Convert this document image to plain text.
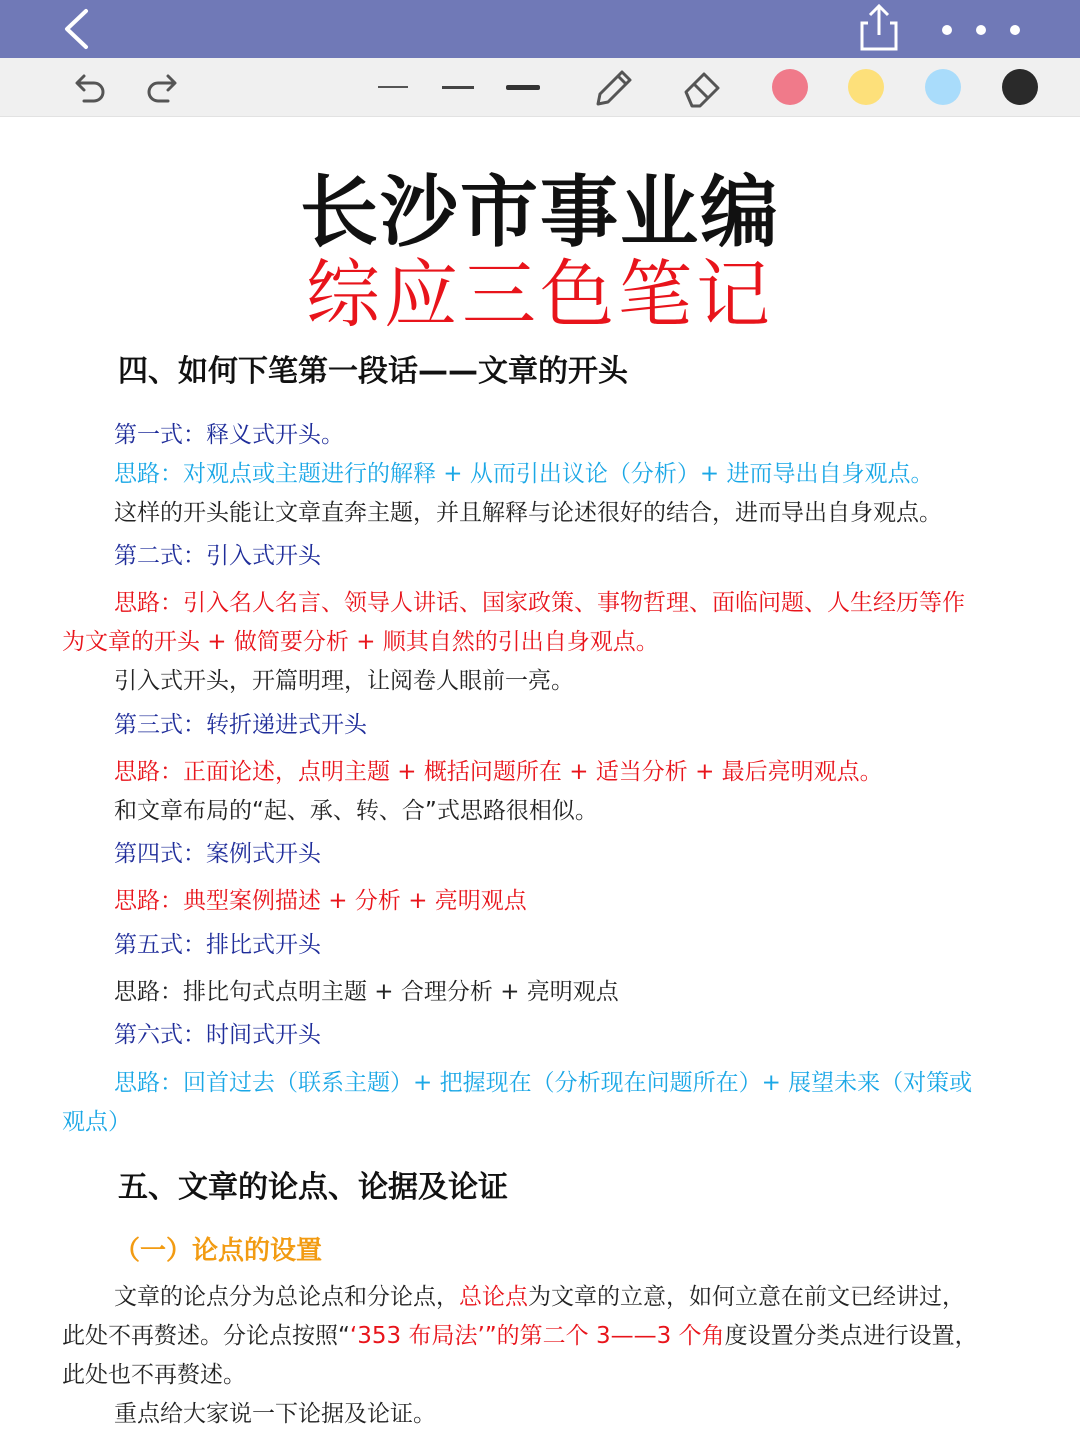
长沙市事业编
综应三色笔记
四、如何下笔第一段话——文章的开头
第一式：释义式开头。
思路：对观点或主题进行的解释 + 从而引出议论（分析）+ 进而导出自身观点。
这样的开头能让文章直奔主题，并且解释与论述很好的结合，进而导出自身观点。
第二式：引入式开头
思路：引入名人名言、领导人讲话、国家政策、事物哲理、面临问题、人生经历等作
为文章的开头 + 做简要分析 + 顺其自然的引出自身观点。
引入式开头，开篇明理，让阅卷人眼前一亮。
第三式：转折递进式开头
思路：正面论述，点明主题 + 概括问题所在 + 适当分析 + 最后亮明观点。
和文章布局的“起、承、转、合”式思路很相似。
第四式：案例式开头
思路：典型案例描述 + 分析 + 亮明观点
第五式：排比式开头
思路：排比句式点明主题 + 合理分析 + 亮明观点
第六式：时间式开头
思路：回首过去（联系主题）+ 把握现在（分析现在问题所在）+ 展望未来（对策或
观点）
五、文章的论点、论据及论证
（一）论点的设置
文章的论点分为总论点和分论点，总论点为文章的立意，如何立意在前文已经讲过，
此处不再赘述。分论点按照“‘353 布局法’”的第二个 3——3 个角度设置分类点进行设置，
此处也不再赘述。
重点给大家说一下论据及论证。
